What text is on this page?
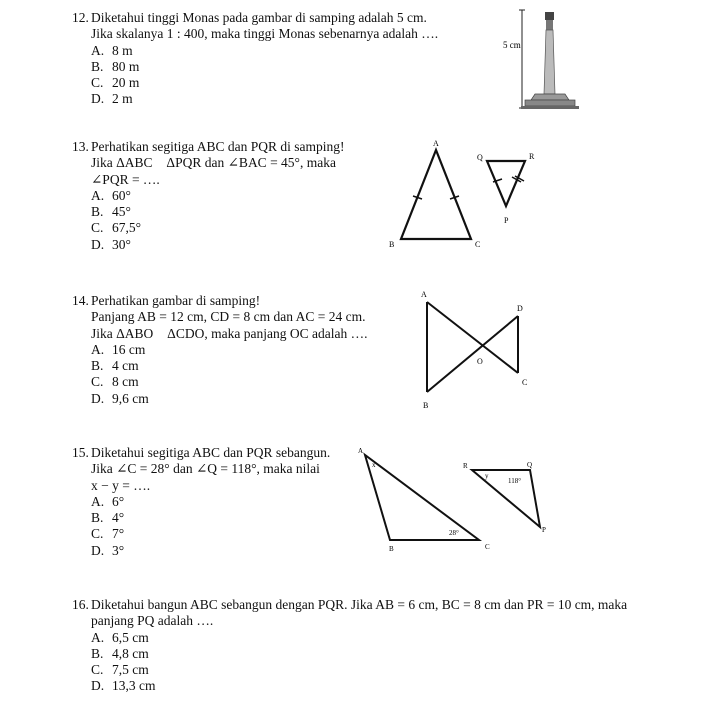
12. Diketahui tinggi Monas pada gambar di samping adalah 5 cm.
Jika skalanya 1 : 400, maka tinggi Monas sebenarnya adalah ….
A. 8 m
B. 80 m
C. 20 m
D. 2 m
5 cm
13. Perhatikan segitiga ABC dan PQR di samping!
Jika ΔABC⃞ ΔPQR dan ∠BAC = 45°, maka
∠PQR = ….
A. 60°
B. 45°
C. 67,5°
D. 30°
A
B	C
Q	R
P
14. Perhatikan gambar di samping!
Panjang AB = 12 cm, CD = 8 cm dan AC = 24 cm.
Jika ΔABO⃞ ΔCDO, maka panjang OC adalah ….
A. 16 cm
B. 4 cm
C. 8 cm
D. 9,6 cm
A
B
D
C
O
15. Diketahui segitiga ABC dan PQR sebangun.
Jika ∠C = 28° dan ∠Q = 118°, maka nilai
x − y = ….
A. 6°
B. 4°
C. 7°
D. 3°
A
B	C
x
28°
R	Q
P
y
118°
16. Diketahui bangun ABC sebangun dengan PQR. Jika AB = 6 cm, BC = 8 cm dan PR = 10 cm, maka
panjang PQ adalah ….
A. 6,5 cm
B. 4,8 cm
C. 7,5 cm
D. 13,3 cm
